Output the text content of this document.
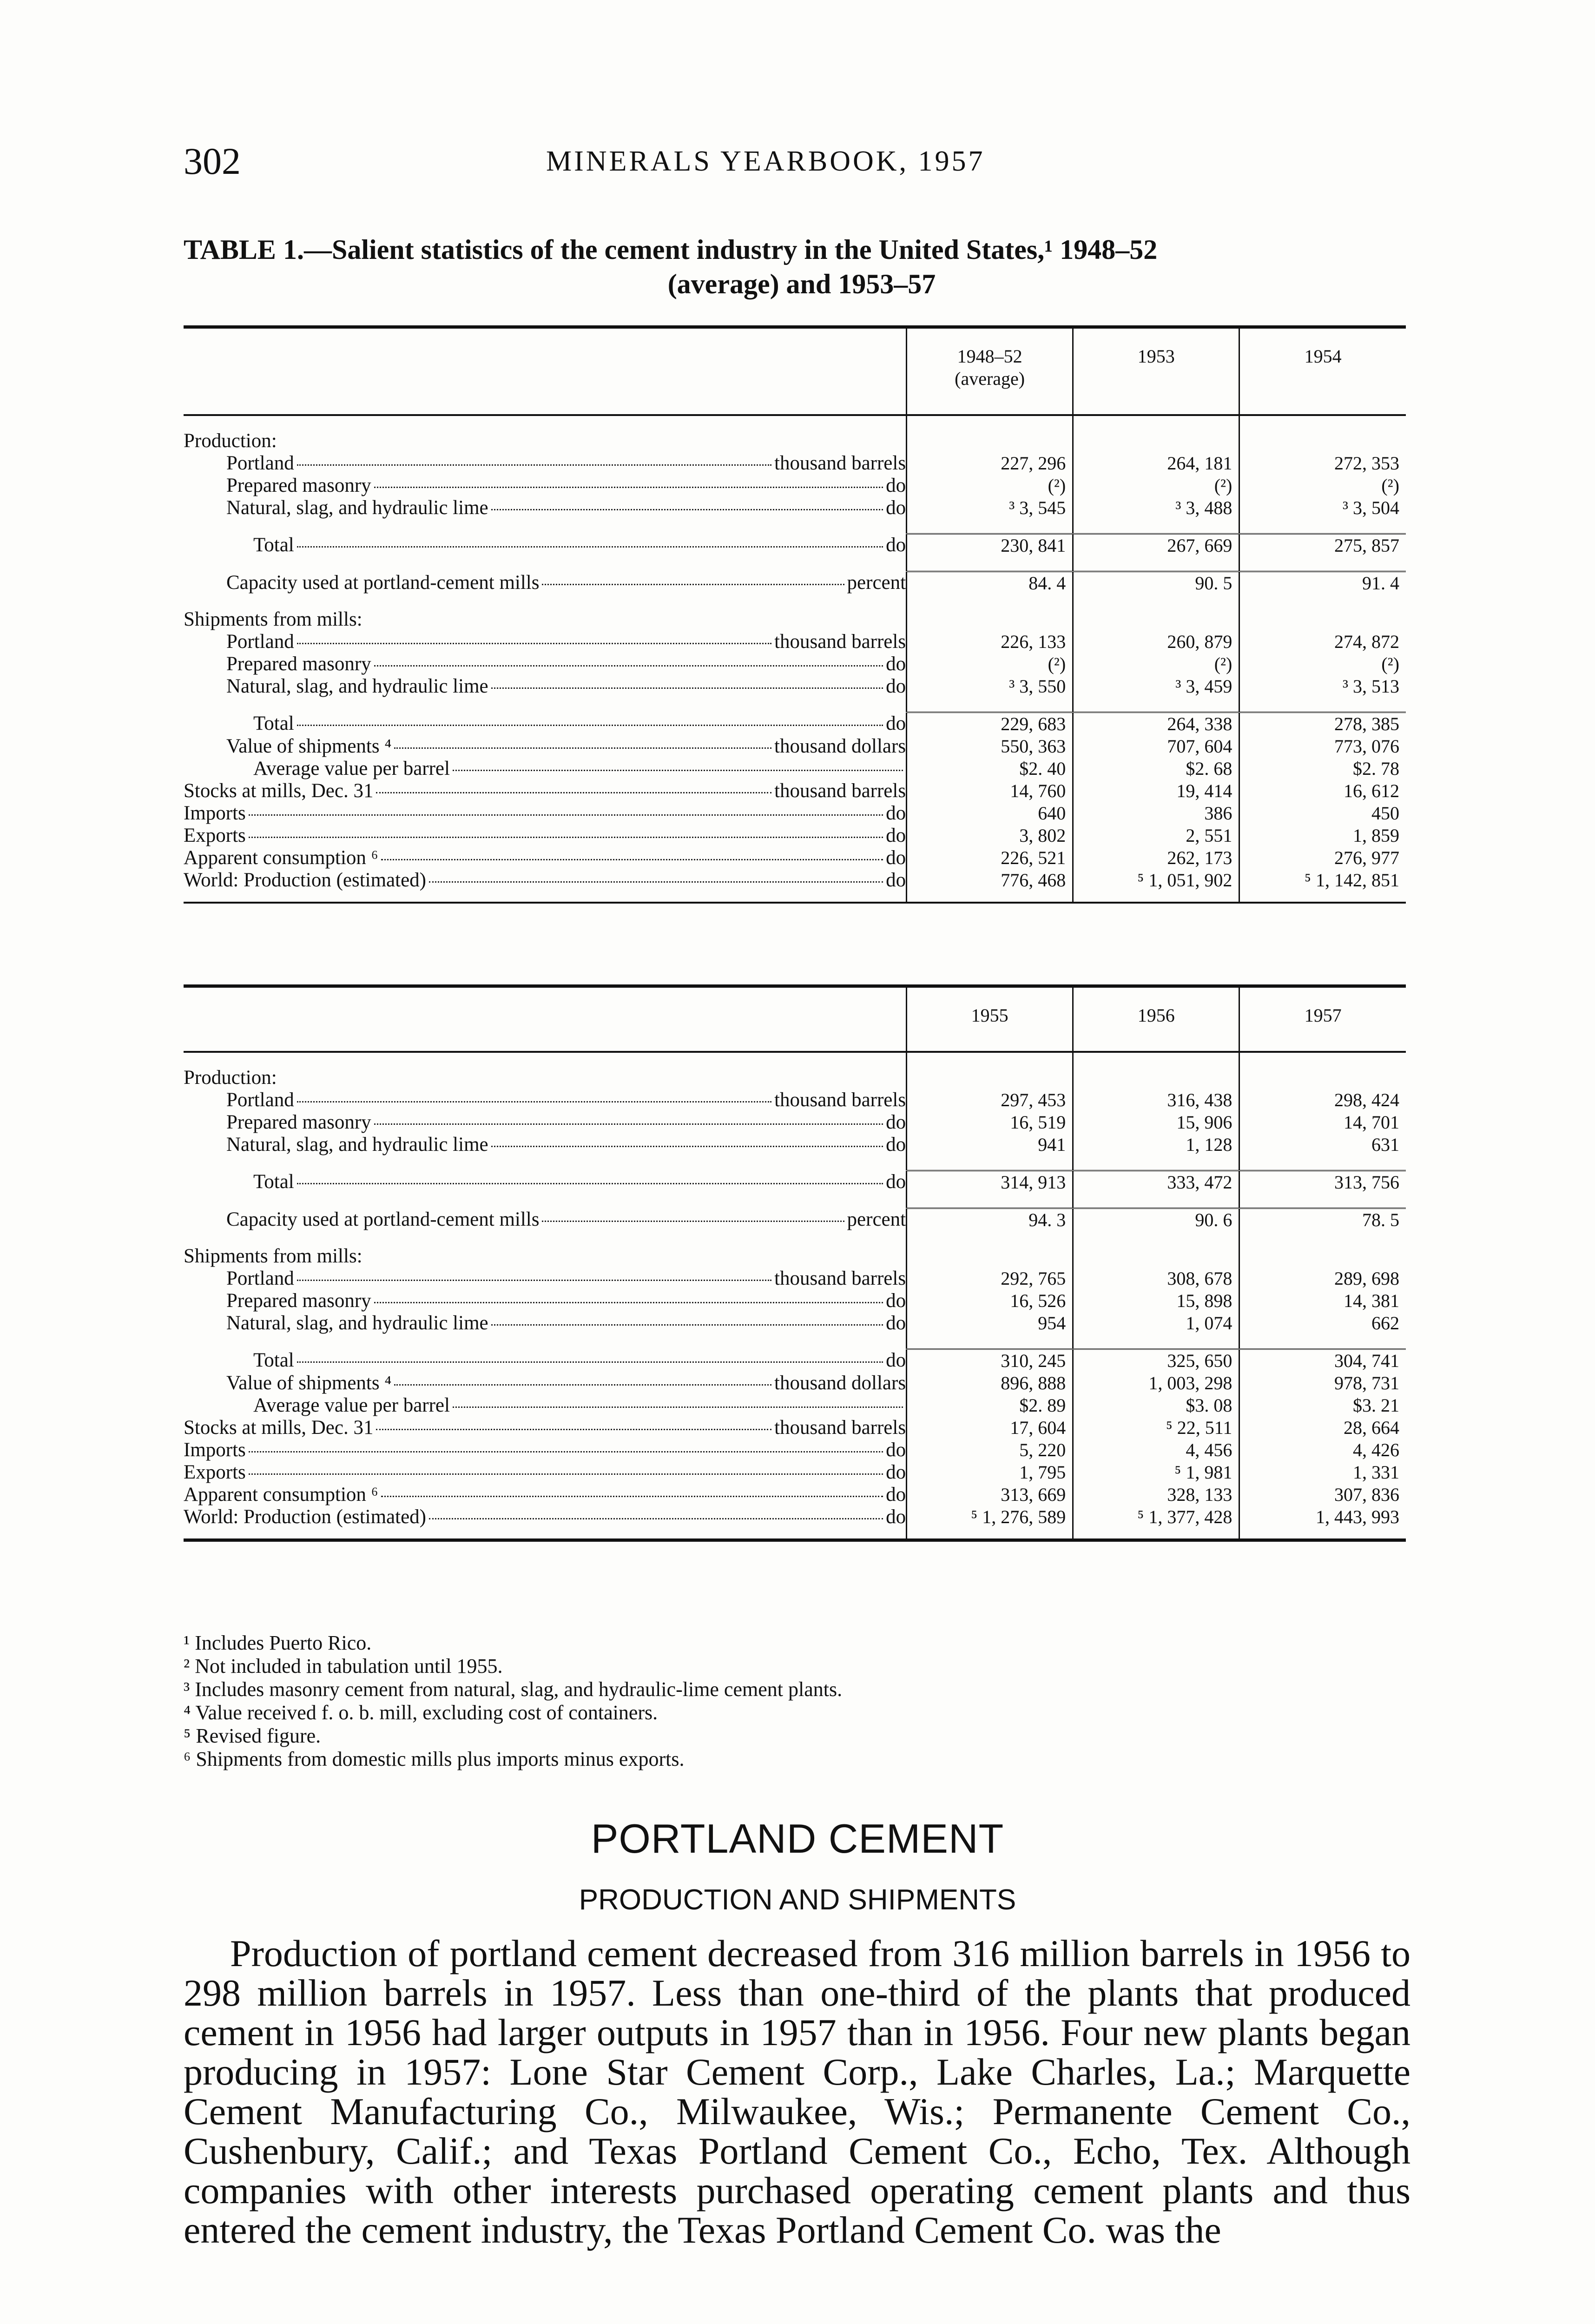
302	MINERALS YEARBOOK, 1957
TABLE 1.—Salient statistics of the cement industry in the United States,¹ 1948–52
(average) and 1953–57
	1948–52
(average)	1953	1954

Production:			

Portland thousand barrels	227, 296	264, 181	272, 353

Prepared masonry do	(²)	(²)	(²)

Natural, slag, and hydraulic lime do	³ 3, 545	³ 3, 488	³ 3, 504

Total do	230, 841	267, 669	275, 857

Capacity used at portland-cement mills percent	84. 4	90. 5	91. 4

Shipments from mills:			

Portland thousand barrels	226, 133	260, 879	274, 872

Prepared masonry do	(²)	(²)	(²)

Natural, slag, and hydraulic lime do	³ 3, 550	³ 3, 459	³ 3, 513

Total do	229, 683	264, 338	278, 385

Value of shipments ⁴ thousand dollars	550, 363	707, 604	773, 076

Average value per barrel	$2. 40	$2. 68	$2. 78

Stocks at mills, Dec. 31 thousand barrels	14, 760	19, 414	16, 612

Imports do	640	386	450

Exports do	3, 802	2, 551	1, 859

Apparent consumption ⁶ do	226, 521	262, 173	276, 977

World: Production (estimated) do	776, 468	⁵ 1, 051, 902	⁵ 1, 142, 851
	1955	1956	1957

Production:			

Portland thousand barrels	297, 453	316, 438	298, 424

Prepared masonry do	16, 519	15, 906	14, 701

Natural, slag, and hydraulic lime do	941	1, 128	631

Total do	314, 913	333, 472	313, 756

Capacity used at portland-cement mills percent	94. 3	90. 6	78. 5

Shipments from mills:			

Portland thousand barrels	292, 765	308, 678	289, 698

Prepared masonry do	16, 526	15, 898	14, 381

Natural, slag, and hydraulic lime do	954	1, 074	662

Total do	310, 245	325, 650	304, 741

Value of shipments ⁴ thousand dollars	896, 888	1, 003, 298	978, 731

Average value per barrel	$2. 89	$3. 08	$3. 21

Stocks at mills, Dec. 31 thousand barrels	17, 604	⁵ 22, 511	28, 664

Imports do	5, 220	4, 456	4, 426

Exports do	1, 795	⁵ 1, 981	1, 331

Apparent consumption ⁶ do	313, 669	328, 133	307, 836

World: Production (estimated) do	⁵ 1, 276, 589	⁵ 1, 377, 428	1, 443, 993
¹ Includes Puerto Rico.
² Not included in tabulation until 1955.
³ Includes masonry cement from natural, slag, and hydraulic-lime cement plants.
⁴ Value received f. o. b. mill, excluding cost of containers.
⁵ Revised figure.
⁶ Shipments from domestic mills plus imports minus exports.
PORTLAND CEMENT
PRODUCTION AND SHIPMENTS

Production of portland cement decreased from 316 million barrels in 1956 to 298 million barrels in 1957. Less than one-third of the plants that produced cement in 1956 had larger outputs in 1957 than in 1956. Four new plants began producing in 1957: Lone Star Cement Corp., Lake Charles, La.; Marquette Cement Manufacturing Co., Milwaukee, Wis.; Permanente Cement Co., Cushenbury, Calif.; and Texas Portland Cement Co., Echo, Tex. Although companies with other interests purchased operating cement plants and thus entered the cement industry, the Texas Portland Cement Co. was the
